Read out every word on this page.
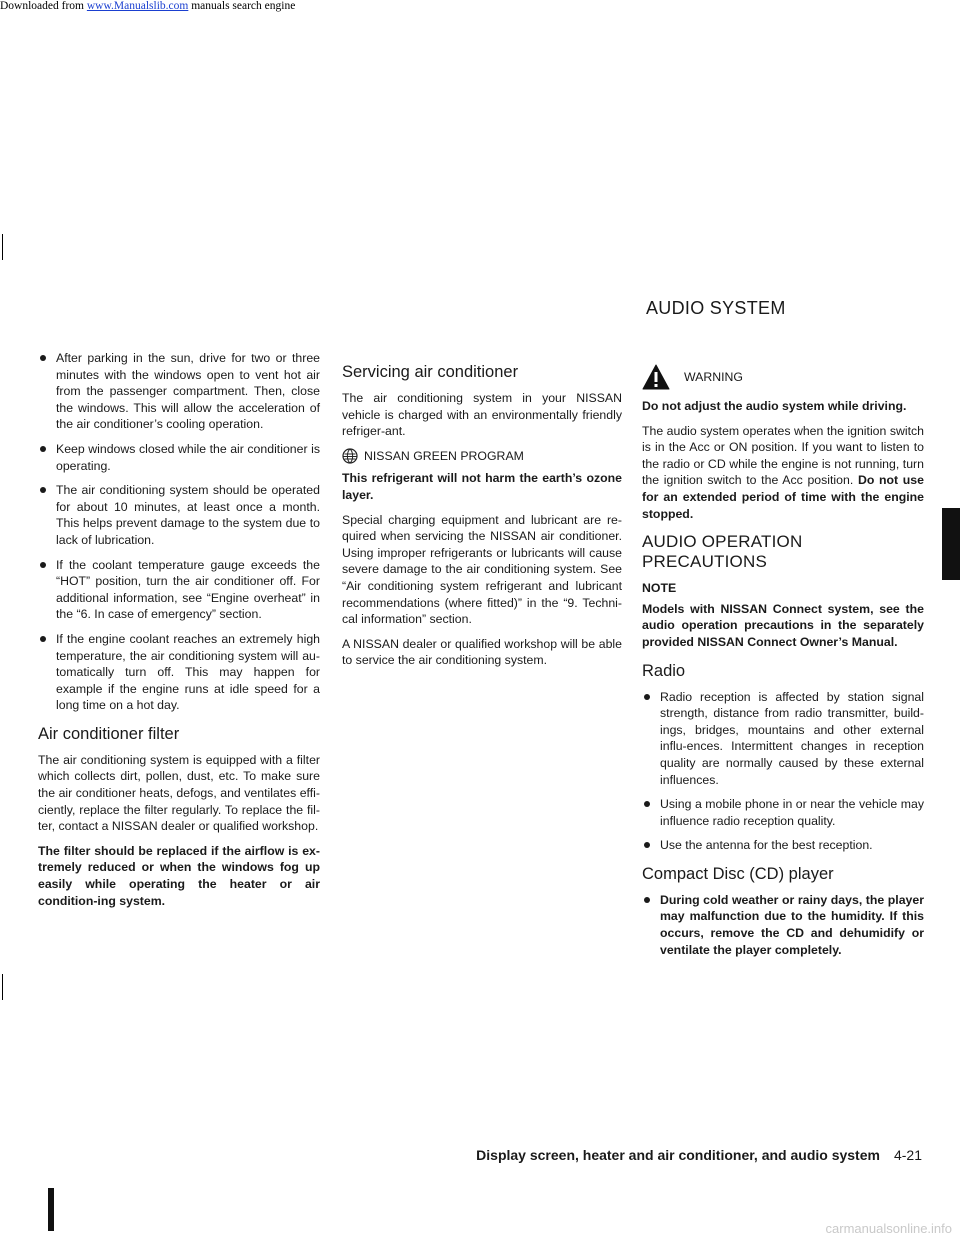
Downloaded from www.Manualslib.com manuals search engine
AUDIO SYSTEM
After parking in the sun, drive for two or three minutes with the windows open to vent hot air from the passenger compartment. Then, close the windows. This will allow the acceleration of the air conditioner’s cooling operation.
Keep windows closed while the air conditioner is operating.
The air conditioning system should be operated for about 10 minutes, at least once a month. This helps prevent damage to the system due to lack of lubrication.
If the coolant temperature gauge exceeds the “HOT” position, turn the air conditioner off. For additional information, see “Engine overheat” in the “6. In case of emergency” section.
If the engine coolant reaches an extremely high temperature, the air conditioning system will au-tomatically turn off. This may happen for example if the engine runs at idle speed for a long time on a hot day.
Air conditioner filter

The air conditioning system is equipped with a filter which collects dirt, pollen, dust, etc. To make sure the air conditioner heats, defogs, and ventilates effi-ciently, replace the filter regularly. To replace the fil-ter, contact a NISSAN dealer or qualified workshop.

The filter should be replaced if the airflow is ex-tremely reduced or when the windows fog up easily while operating the heater or air condition-ing system.

Servicing air conditioner

The air conditioning system in your NISSAN vehicle is charged with an environmentally friendly refriger-ant.

NISSAN GREEN PROGRAM

This refrigerant will not harm the earth’s ozone layer.

Special charging equipment and lubricant are re-quired when servicing the NISSAN air conditioner. Using improper refrigerants or lubricants will cause severe damage to the air conditioning system. See “Air conditioning system refrigerant and lubricant recommendations (where fitted)” in the “9. Techni-cal information” section.

A NISSAN dealer or qualified workshop will be able to service the air conditioning system.

WARNING

Do not adjust the audio system while driving.

The audio system operates when the ignition switch is in the Acc or ON position. If you want to listen to the radio or CD while the engine is not running, turn the ignition switch to the Acc position. Do not use for an extended period of time with the engine stopped.

AUDIO OPERATION PRECAUTIONS

NOTE

Models with NISSAN Connect system, see the audio operation precautions in the separately provided NISSAN Connect Owner’s Manual.

Radio
Radio reception is affected by station signal strength, distance from radio transmitter, build-ings, bridges, mountains and other external influ-ences. Intermittent changes in reception quality are normally caused by these external influences.
Using a mobile phone in or near the vehicle may influence radio reception quality.
Use the antenna for the best reception.
Compact Disc (CD) player
During cold weather or rainy days, the player may malfunction due to the humidity. If this occurs, remove the CD and dehumidify or ventilate the player completely.
Display screen, heater and air conditioner, and audio system 4-21
carmanualsonline.info
